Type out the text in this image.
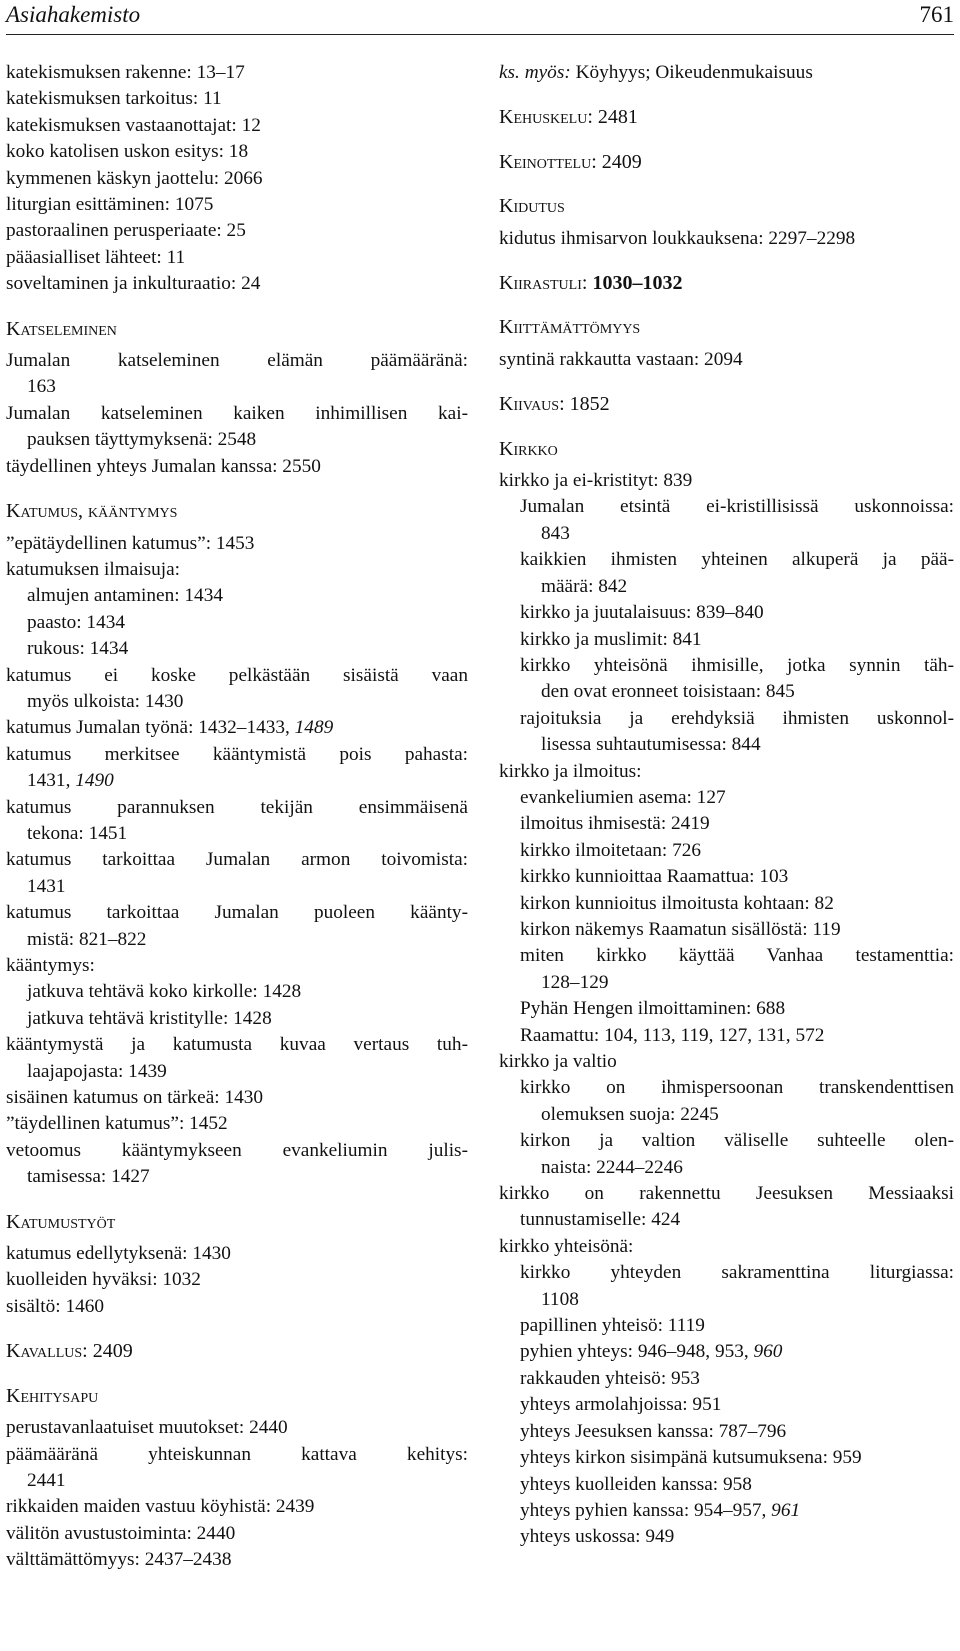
Asiahakemisto	761
katekismuksen rakenne: 13–17
katekismuksen tarkoitus: 11
katekismuksen vastaanottajat: 12
koko katolisen uskon esitys: 18
kymmenen käskyn jaottelu: 2066
liturgian esittäminen: 1075
pastoraalinen perusperiaate: 25
pääasialliset lähteet: 11
soveltaminen ja inkulturaatio: 24
Katseleminen
Jumalan katseleminen elämän päämääränä:
163
Jumalan katseleminen kaiken inhimillisen kai-
pauksen täyttymyksenä: 2548
täydellinen yhteys Jumalan kanssa: 2550
Katumus, kääntymys
”epätäydellinen katumus”: 1453
katumuksen ilmaisuja:
almujen antaminen: 1434
paasto: 1434
rukous: 1434
katumus ei koske pelkästään sisäistä vaan
myös ulkoista: 1430
katumus Jumalan työnä: 1432–1433, 1489
katumus merkitsee kääntymistä pois pahasta:
1431, 1490
katumus parannuksen tekijän ensimmäisenä
tekona: 1451
katumus tarkoittaa Jumalan armon toivomista:
1431
katumus tarkoittaa Jumalan puoleen käänty-
mistä: 821–822
kääntymys:
jatkuva tehtävä koko kirkolle: 1428
jatkuva tehtävä kristitylle: 1428
kääntymystä ja katumusta kuvaa vertaus tuh-
laajapojasta: 1439
sisäinen katumus on tärkeä: 1430
”täydellinen katumus”: 1452
vetoomus kääntymykseen evankeliumin julis-
tamisessa: 1427
Katumustyöt
katumus edellytyksenä: 1430
kuolleiden hyväksi: 1032
sisältö: 1460
Kavallus: 2409
Kehitysapu
perustavanlaatuiset muutokset: 2440
päämääränä yhteiskunnan kattava kehitys:
2441
rikkaiden maiden vastuu köyhistä: 2439
välitön avustustoiminta: 2440
välttämättömyys: 2437–2438
ks. myös: Köyhyys; Oikeudenmukaisuus
Kehuskelu: 2481
Keinottelu: 2409
Kidutus
kidutus ihmisarvon loukkauksena: 2297–2298
Kiirastuli: 1030–1032
Kiittämättömyys
syntinä rakkautta vastaan: 2094
Kiivaus: 1852
Kirkko
kirkko ja ei-kristityt: 839
Jumalan etsintä ei-kristillisissä uskonnoissa:
843
kaikkien ihmisten yhteinen alkuperä ja pää-
määrä: 842
kirkko ja juutalaisuus: 839–840
kirkko ja muslimit: 841
kirkko yhteisönä ihmisille, jotka synnin täh-
den ovat eronneet toisistaan: 845
rajoituksia ja erehdyksiä ihmisten uskonnol-
lisessa suhtautumisessa: 844
kirkko ja ilmoitus:
evankeliumien asema: 127
ilmoitus ihmisestä: 2419
kirkko ilmoitetaan: 726
kirkko kunnioittaa Raamattua: 103
kirkon kunnioitus ilmoitusta kohtaan: 82
kirkon näkemys Raamatun sisällöstä: 119
miten kirkko käyttää Vanhaa testamenttia:
128–129
Pyhän Hengen ilmoittaminen: 688
Raamattu: 104, 113, 119, 127, 131, 572
kirkko ja valtio
kirkko on ihmispersoonan transkendenttisen
olemuksen suoja: 2245
kirkon ja valtion väliselle suhteelle olen-
naista: 2244–2246
kirkko on rakennettu Jeesuksen Messiaaksi
tunnustamiselle: 424
kirkko yhteisönä:
kirkko yhteyden sakramenttina liturgiassa:
1108
papillinen yhteisö: 1119
pyhien yhteys: 946–948, 953, 960
rakkauden yhteisö: 953
yhteys armolahjoissa: 951
yhteys Jeesuksen kanssa: 787–796
yhteys kirkon sisimpänä kutsumuksena: 959
yhteys kuolleiden kanssa: 958
yhteys pyhien kanssa: 954–957, 961
yhteys uskossa: 949
